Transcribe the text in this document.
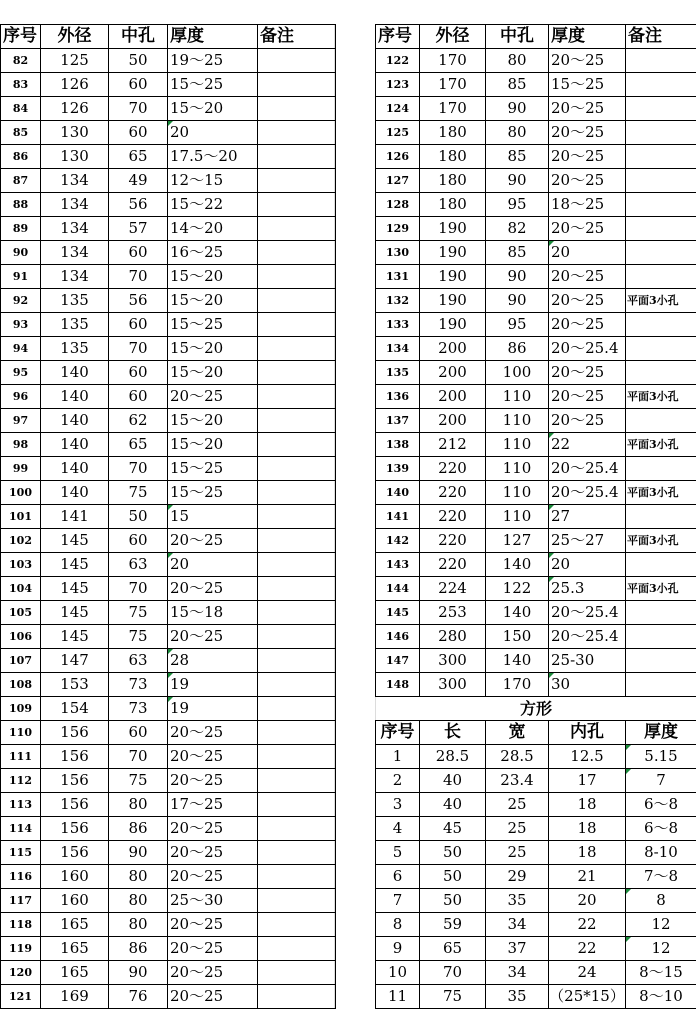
序号	外径	中孔	厚度	备注
82	125	50	19～25	
83	126	60	15～25	
84	126	70	15～20	
85	130	60	20	
86	130	65	17.5～20	
87	134	49	12～15	
88	134	56	15～22	
89	134	57	14～20	
90	134	60	16～25	
91	134	70	15～20	
92	135	56	15～20	
93	135	60	15～25	
94	135	70	15～20	
95	140	60	15～20	
96	140	60	20～25	
97	140	62	15～20	
98	140	65	15～20	
99	140	70	15～25	
100	140	75	15～25	
101	141	50	15	
102	145	60	20～25	
103	145	63	20	
104	145	70	20～25	
105	145	75	15～18	
106	145	75	20～25	
107	147	63	28	
108	153	73	19	
109	154	73	19	
110	156	60	20～25	
111	156	70	20～25	
112	156	75	20～25	
113	156	80	17～25	
114	156	86	20～25	
115	156	90	20～25	
116	160	80	20～25	
117	160	80	25～30	
118	165	80	20～25	
119	165	86	20～25	
120	165	90	20～25	
121	169	76	20～25	
序号	外径	中孔	厚度	备注
122	170	80	20～25	
123	170	85	15～25	
124	170	90	20～25	
125	180	80	20～25	
126	180	85	20～25	
127	180	90	20～25	
128	180	95	18～25	
129	190	82	20～25	
130	190	85	20	
131	190	90	20～25	
132	190	90	20～25	平面3小孔
133	190	95	20～25	
134	200	86	20～25.4	
135	200	100	20～25	
136	200	110	20～25	平面3小孔
137	200	110	20～25	
138	212	110	22	平面3小孔
139	220	110	20～25.4	
140	220	110	20～25.4	平面3小孔
141	220	110	27	
142	220	127	25～27	平面3小孔
143	220	140	20	
144	224	122	25.3	平面3小孔
145	253	140	20～25.4	
146	280	150	20～25.4	
147	300	140	25-30	
148	300	170	30	
方形				
序号	长	宽	内孔	厚度
1	28.5	28.5	12.5	5.15
2	40	23.4	17	7
3	40	25	18	6～8
4	45	25	18	6～8
5	50	25	18	8-10
6	50	29	21	7～8
7	50	35	20	8
8	59	34	22	12
9	65	37	22	12
10	70	34	24	8～15
11	75	35	（25*15）	8～10
